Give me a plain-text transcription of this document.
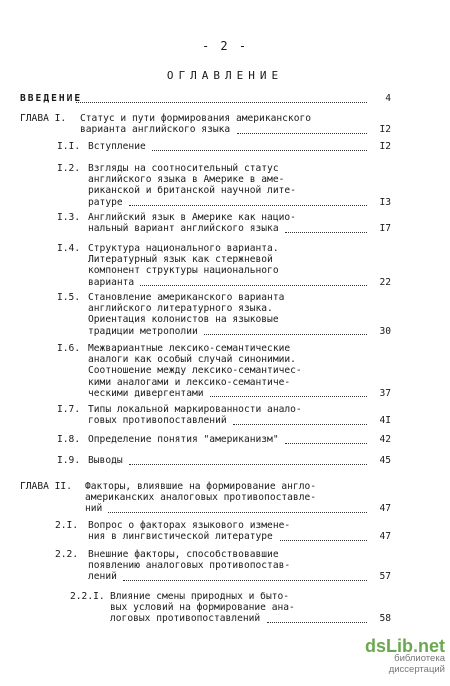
- 2 -
ОГЛАВЛЕНИЕ
ВВЕДЕНИЕ	4
ГЛАВА I. Статус и пути формирования американского
варианта английского языка	I2
I.I. Вступление	I2
I.2. Взгляды на соотносительный статус
английского языка в Америке в аме-
риканской и британской научной лите-
ратуре	I3
I.3. Английский язык в Америке как нацио-
нальный вариант английского языка	I7
I.4. Структура национального варианта.
Литературный язык как стержневой
компонент структуры национального
варианта	22
I.5. Становление американского варианта
английского литературного языка.
Ориентация колонистов на языковые
традиции метрополии	30
I.6. Межвариантные лексико-семантические
аналоги как особый случай синонимии.
Соотношение между лексико-семантичес-
кими аналогами и лексико-семантиче-
ческими дивергентами	37
I.7. Типы локальной маркированности анало-
говых противопоставлений	4I
I.8. Определение понятия "американизм"	42
I.9. Выводы	45
ГЛАВА II. Факторы, влиявшие на формирование англо-
американских аналоговых противопоставле-
ний	47
2.I. Вопрос о факторах языкового измене-
ния в лингвистической литературе	47
2.2. Внешние факторы, способствовавшие
появлению аналоговых противопостав-
лений	57
2.2.I. Влияние смены природных и быто-
вых условий на формирование ана-
логовых противопоставлений	58
dsLib.net
библиотека диссертаций
